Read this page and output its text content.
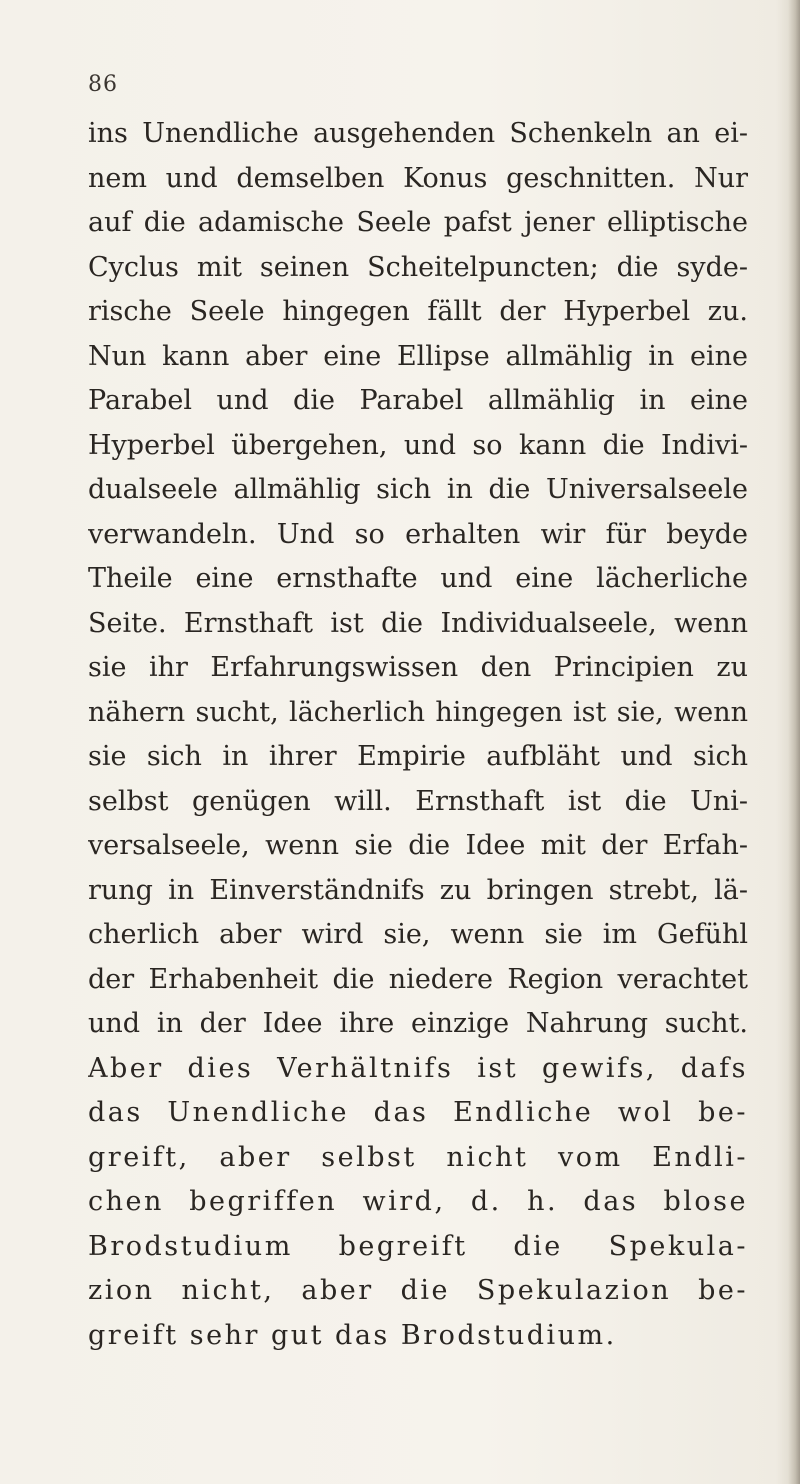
86
ins Unendliche ausgehenden Schenkeln an ei-
nem und demselben Konus geschnitten. Nur
auf die adamische Seele pafst jener elliptische
Cyclus mit seinen Scheitelpuncten; die syde-
rische Seele hingegen fällt der Hyperbel zu.
Nun kann aber eine Ellipse allmählig in eine
Parabel und die Parabel allmählig in eine
Hyperbel übergehen, und so kann die Indivi-
dualseele allmählig sich in die Universalseele
verwandeln. Und so erhalten wir für beyde
Theile eine ernsthafte und eine lächerliche
Seite. Ernsthaft ist die Individualseele, wenn
sie ihr Erfahrungswissen den Principien zu
nähern sucht, lächerlich hingegen ist sie, wenn
sie sich in ihrer Empirie aufbläht und sich
selbst genügen will. Ernsthaft ist die Uni-
versalseele, wenn sie die Idee mit der Erfah-
rung in Einverständnifs zu bringen strebt, lä-
cherlich aber wird sie, wenn sie im Gefühl
der Erhabenheit die niedere Region verachtet
und in der Idee ihre einzige Nahrung sucht.
Aber dies Verhältnifs ist gewifs, dafs
das Unendliche das Endliche wol be-
greift, aber selbst nicht vom Endli-
chen begriffen wird, d. h. das blose
Brodstudium begreift die Spekula-
zion nicht, aber die Spekulazion be-
greift sehr gut das Brodstudium.
